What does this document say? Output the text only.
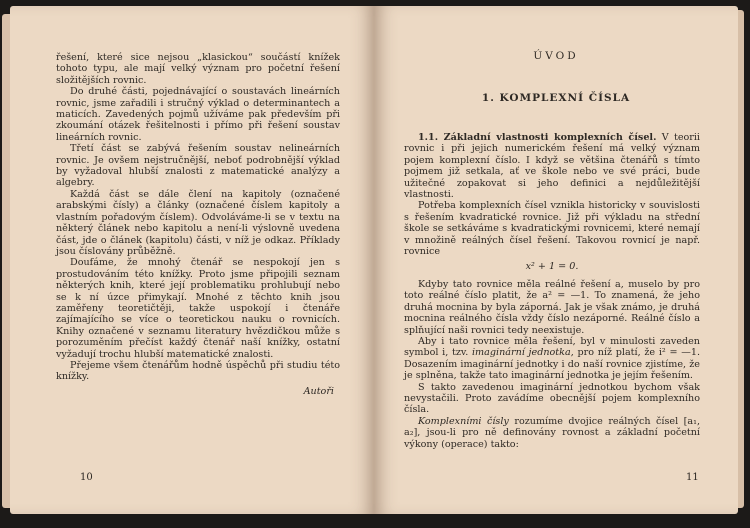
řešení, které sice nejsou „klasickou“ součástí knížek tohoto typu, ale mají velký význam pro početní řešení složitějších rovnic.

Do druhé části, pojednávající o soustavách lineárních rovnic, jsme zařadili i stručný výklad o determinantech a maticích. Zavedených pojmů užíváme pak především při zkoumání otázek řešitelnosti i přímo při řešení soustav lineárních rovnic.

Třetí část se zabývá řešením soustav nelineárních rovnic. Je ovšem nejstručnější, neboť podrobnější výklad by vyžadoval hlubší znalosti z matematické analýzy a algebry.

Každá část se dále člení na kapitoly (označené arabskými čísly) a články (označené číslem kapitoly a vlastním pořadovým číslem). Odvoláváme-li se v textu na některý článek nebo kapitolu a není-li výslovně uvedena část, jde o článek (kapitolu) části, v níž je odkaz. Příklady jsou číslovány průběžně.

Doufáme, že mnohý čtenář se nespokojí jen s prostudováním této knížky. Proto jsme připojili seznam některých knih, které její problematiku prohlubují nebo se k ní úzce přimykají. Mnohé z těchto knih jsou zaměřeny teoretičtěji, takže uspokojí i čtenáře zajímajícího se více o teoretickou nauku o rovnicích. Knihy označené v seznamu literatury hvězdičkou může s porozuměním přečíst každý čtenář naší knížky, ostatní vyžadují trochu hlubší matematické znalosti.

Přejeme všem čtenářům hodně úspěchů při studiu této knížky.

Autoři

10
ÚVOD
1. KOMPLEXNÍ ČÍSLA

1.1. Základní vlastnosti komplexních čísel. V teorii rovnic i při jejich numerickém řešení má velký význam pojem komplexní číslo. I když se většina čtenářů s tímto pojmem již setkala, ať ve škole nebo ve své práci, bude užitečné zopakovat si jeho definici a nejdůležitější vlastnosti.

Potřeba komplexních čísel vznikla historicky v souvislosti s řešením kvadratické rovnice. Již při výkladu na střední škole se setkáváme s kvadratickými rovnicemi, které nemají v množině reálných čísel řešení. Takovou rovnicí je např. rovnice

x² + 1 = 0.

Kdyby tato rovnice měla reálné řešení a, muselo by pro toto reálné číslo platit, že a² = —1. To znamená, že jeho druhá mocnina by byla záporná. Jak je však známo, je druhá mocnina reálného čísla vždy číslo nezáporné. Reálné číslo a splňující naši rovnici tedy neexistuje.

Aby i tato rovnice měla řešení, byl v minulosti zaveden symbol i, tzv. imaginární jednotka, pro níž platí, že i² = —1. Dosazením imaginární jednotky i do naší rovnice zjistíme, že je splněna, takže tato imaginární jednotka je jejím řešením.

S takto zavedenou imaginární jednotkou bychom však nevystačili. Proto zavádíme obecnější pojem komplexního čísla.

Komplexními čísly rozumíme dvojice reálných čísel [a₁, a₂], jsou-li pro ně definovány rovnost a základní početní výkony (operace) takto:

11
